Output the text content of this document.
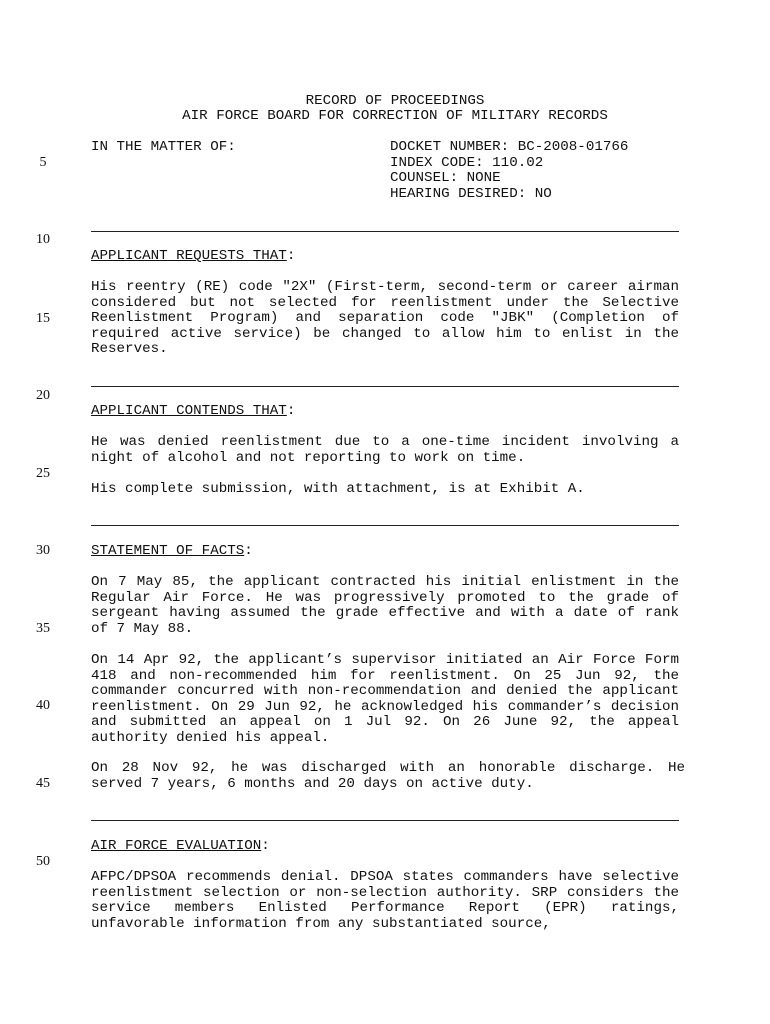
RECORD OF PROCEEDINGS
AIR FORCE BOARD FOR CORRECTION OF MILITARY RECORDS
IN THE MATTER OF:	DOCKET NUMBER: BC-2008-01766
INDEX CODE: 110.02
COUNSEL: NONE
HEARING DESIRED: NO
5
10
15
20
25
30
35
40
45
50
APPLICANT REQUESTS THAT:
His reentry (RE) code "2X" (First-term, second-term or career airman considered but not selected for reenlistment under the Selective Reenlistment Program) and separation code "JBK" (Completion of required active service) be changed to allow him to enlist in the Reserves.
APPLICANT CONTENDS THAT:
He was denied reenlistment due to a one-time incident involving a night of alcohol and not reporting to work on time.
His complete submission, with attachment, is at Exhibit A.
STATEMENT OF FACTS:
On 7 May 85, the applicant contracted his initial enlistment in the Regular Air Force. He was progressively promoted to the grade of sergeant having assumed the grade effective and with a date of rank of 7 May 88.
On 14 Apr 92, the applicant’s supervisor initiated an Air Force Form 418 and non-recommended him for reenlistment. On 25 Jun 92, the commander concurred with non-recommendation and denied the applicant reenlistment. On 29 Jun 92, he acknowledged his commander’s decision and submitted an appeal on 1 Jul 92. On 26 June 92, the appeal authority denied his appeal.
On 28 Nov 92, he was discharged with an honorable discharge. He served 7 years, 6 months and 20 days on active duty.
AIR FORCE EVALUATION:
AFPC/DPSOA recommends denial. DPSOA states commanders have selective reenlistment selection or non-selection authority. SRP considers the service members Enlisted Performance Report (EPR) ratings, unfavorable information from any substantiated source,
